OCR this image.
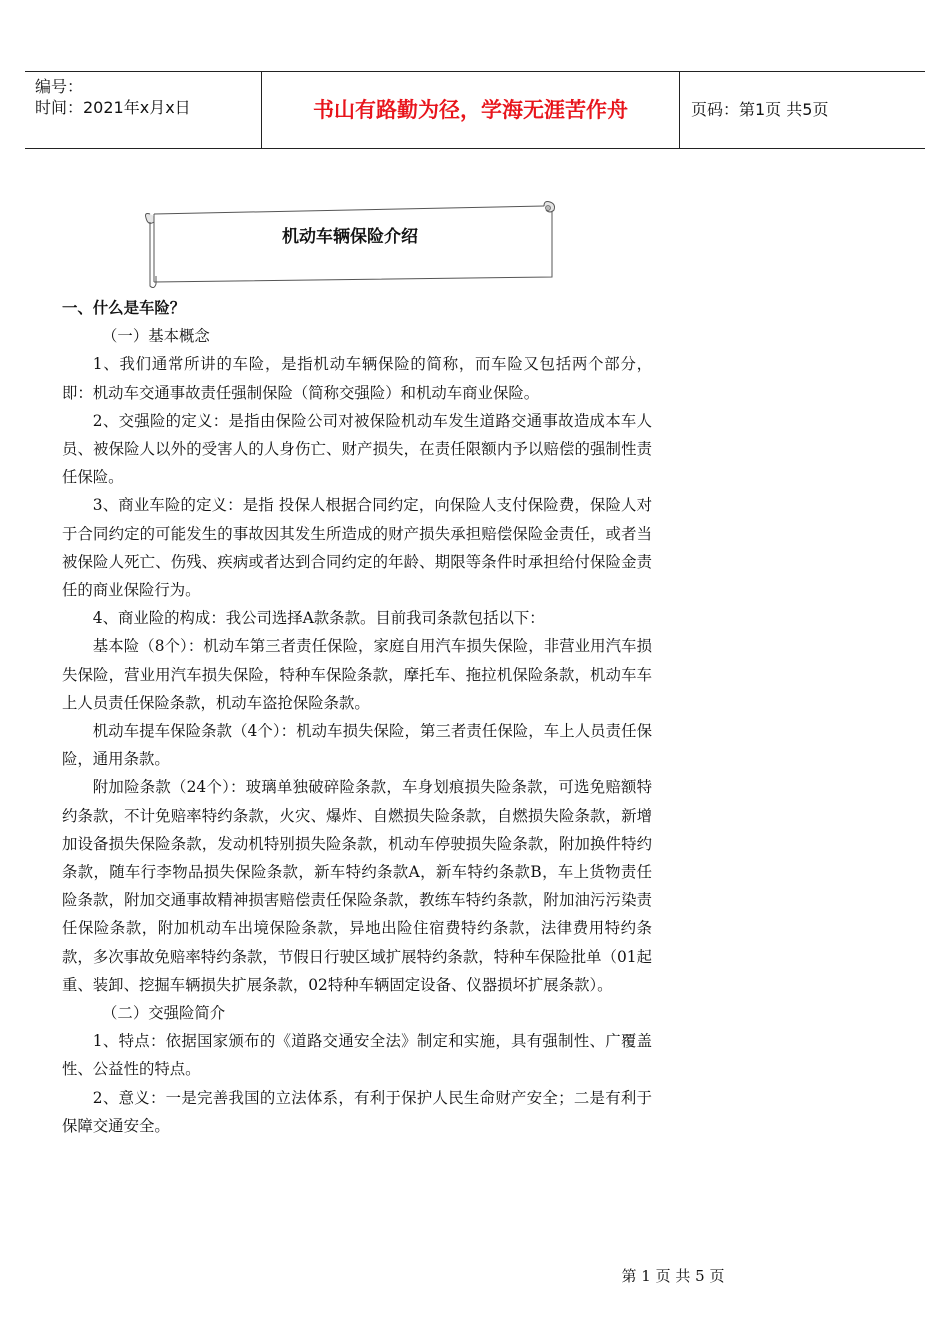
编号：
时间：2021年x月x日	书山有路勤为径，学海无涯苦作舟	页码：第1页 共5页
机动车辆保险介绍

一、什么是车险？

（一）基本概念

1、我们通常所讲的车险，是指机动车辆保险的简称，而车险又包括两个部分，即：机动车交通事故责任强制保险（简称交强险）和机动车商业保险。

2、交强险的定义：是指由保险公司对被保险机动车发生道路交通事故造成本车人员、被保险人以外的受害人的人身伤亡、财产损失，在责任限额内予以赔偿的强制性责任保险。

3、商业车险的定义：是指 投保人根据合同约定，向保险人支付保险费，保险人对于合同约定的可能发生的事故因其发生所造成的财产损失承担赔偿保险金责任，或者当被保险人死亡、伤残、疾病或者达到合同约定的年龄、期限等条件时承担给付保险金责任的商业保险行为。

4、商业险的构成：我公司选择A款条款。目前我司条款包括以下：

基本险（8个）：机动车第三者责任保险，家庭自用汽车损失保险，非营业用汽车损失保险，营业用汽车损失保险，特种车保险条款，摩托车、拖拉机保险条款，机动车车上人员责任保险条款，机动车盗抢保险条款。

机动车提车保险条款（4个）：机动车损失保险，第三者责任保险，车上人员责任保险，通用条款。

附加险条款（24个）：玻璃单独破碎险条款，车身划痕损失险条款，可选免赔额特约条款，不计免赔率特约条款，火灾、爆炸、自燃损失险条款，自燃损失险条款，新增加设备损失保险条款，发动机特别损失险条款，机动车停驶损失险条款，附加换件特约条款，随车行李物品损失保险条款，新车特约条款A，新车特约条款B，车上货物责任险条款，附加交通事故精神损害赔偿责任保险条款，教练车特约条款，附加油污污染责任保险条款，附加机动车出境保险条款，异地出险住宿费特约条款，法律费用特约条款，多次事故免赔率特约条款，节假日行驶区域扩展特约条款，特种车保险批单（01起重、装卸、挖掘车辆损失扩展条款，02特种车辆固定设备、仪器损坏扩展条款）。

（二）交强险简介

1、特点：依据国家颁布的《道路交通安全法》制定和实施，具有强制性、广覆盖性、公益性的特点。

2、意义：一是完善我国的立法体系，有利于保护人民生命财产安全；二是有利于保障交通安全。

第 1 页 共 5 页
